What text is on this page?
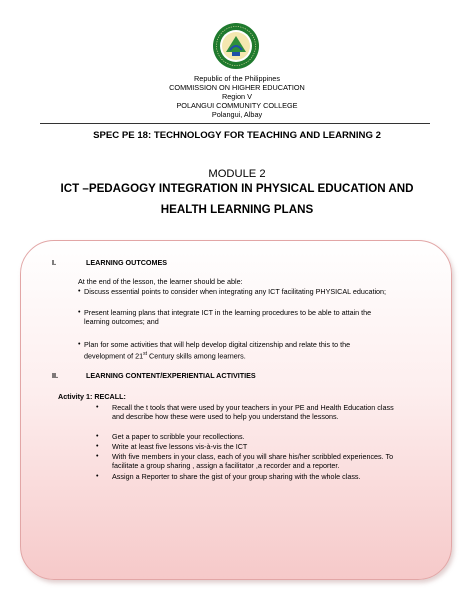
Republic of the Philippines
COMMISSION ON HIGHER EDUCATION
Region V
POLANGUI COMMUNITY COLLEGE
Polangui, Albay
SPEC PE 18: TECHNOLOGY FOR TEACHING AND LEARNING 2
MODULE 2
ICT –PEDAGOGY INTEGRATION IN PHYSICAL EDUCATION AND
HEALTH LEARNING PLANS
I.	LEARNING OUTCOMES
At the end of the lesson, the learner should be able:
• Discuss essential points to consider when integrating any ICT facilitating PHYSICAL education;
• Present learning plans that integrate ICT in the learning procedures to be able to attain the
learning outcomes; and
• Plan for some activities that will help develop digital citizenship and relate this to the
development of 21st Century skills among learners.
II.	LEARNING CONTENT/EXPERIENTIAL ACTIVITIES
Activity 1: RECALL:
• Recall the t tools that were used by your teachers in your PE and Health Education class
and describe how these were used to help you understand the lessons.
• Get a paper to scribble your recollections.
• Write at least five lessons vis-à-vis the ICT
• With five members in your class, each of you will share his/her scribbled experiences. To
facilitate a group sharing , assign a facilitator ,a recorder and a reporter.
• Assign a Reporter to share the gist of your group sharing with the whole class.
